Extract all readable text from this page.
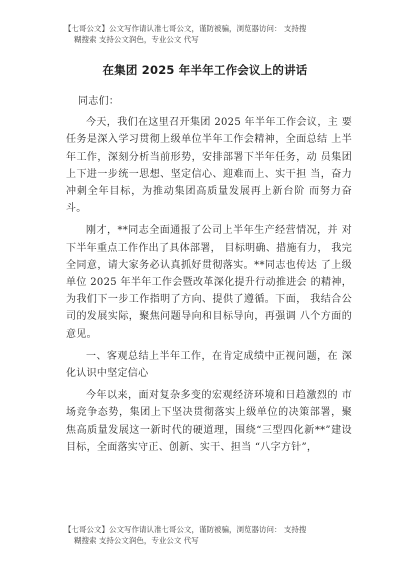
【七哥公文】公文写作请认准七哥公文，谨防被骗，浏览器访问： 支持搜
糊搜索 支持公文润色，专业公文 代写
在集团 2025 年半年工作会议上的讲话

同志们：

今天，我们在这里召开集团 2025 年半年工作会议，主 要任务是深入学习贯彻上级单位半年工作会精神，全面总结 上半年工作，深刻分析当前形势，安排部署下半年任务，动 员集团上下进一步统一思想、坚定信心、迎难而上、实干担 当，奋力冲刺全年目标，为推动集团高质量发展再上新台阶 而努力奋斗。

刚才，**同志全面通报了公司上半年生产经营情况，并 对下半年重点工作作出了具体部署， 目标明确、措施有力， 我完全同意，请大家务必认真抓好贯彻落实。**同志也传达 了上级单位 2025 年半年工作会暨改革深化提升行动推进会 的精神，为我们下一步工作指明了方向、提供了遵循。下面， 我结合公司的发展实际，聚焦问题导向和目标导向，再强调 八个方面的意见。

一、客观总结上半年工作，在肯定成绩中正视问题，在 深化认识中坚定信心

今年以来，面对复杂多变的宏观经济环境和日趋激烈的 市场竞争态势，集团上下坚决贯彻落实上级单位的决策部署，聚焦高质量发展这一新时代的硬道理，围绕“三型四化新**”建设目标，全面落实守正、创新、实干、担当 “八字方针”，

【七哥公文】公文写作请认准七哥公文，谨防被骗，浏览器访问： 支持搜
糊搜索 支持公文润色，专业公文 代写
